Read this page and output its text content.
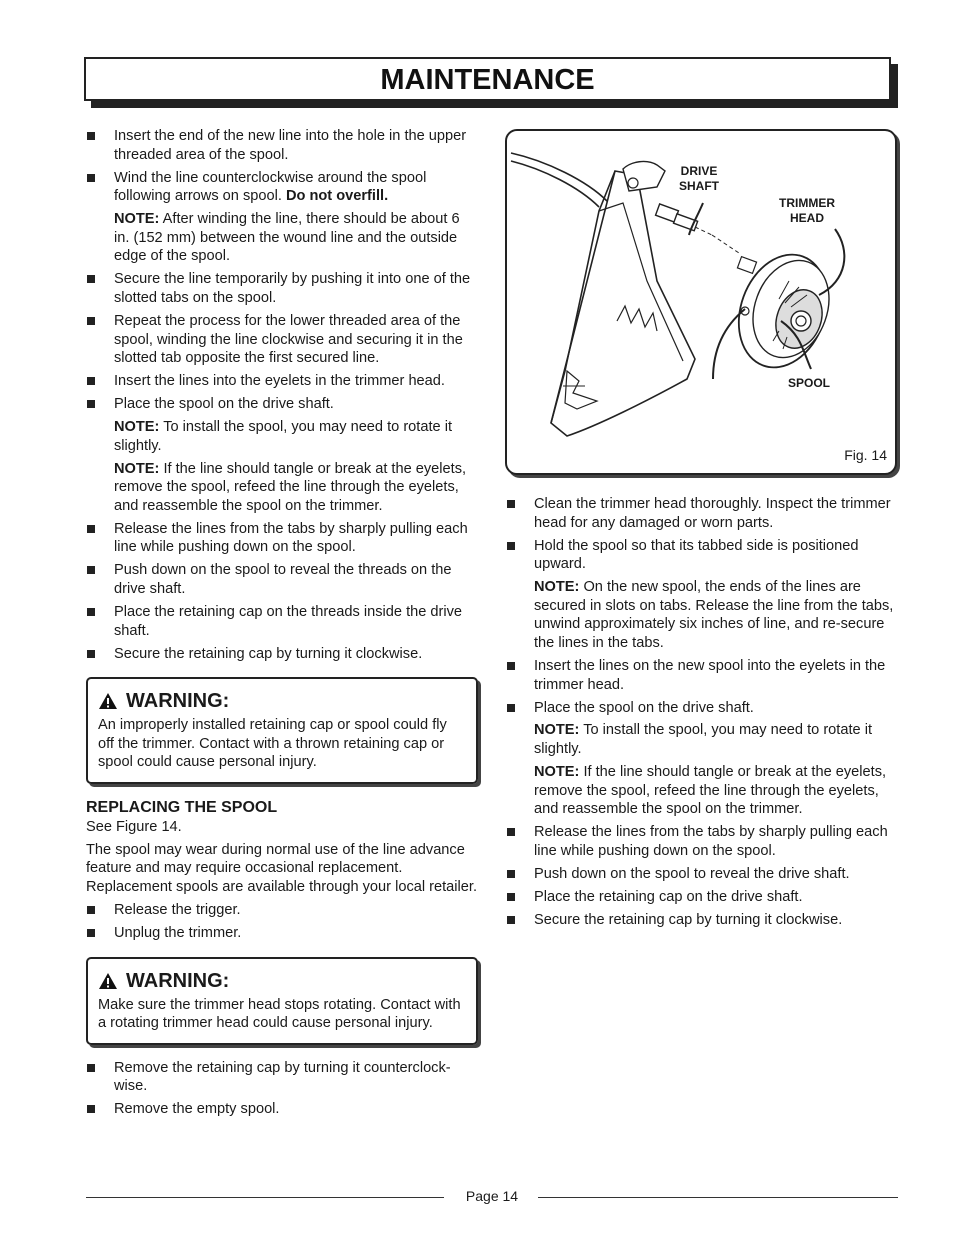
MAINTENANCE
Insert the end of the new line into the hole in the upper threaded area of the spool.
Wind the line counterclockwise around the spool following arrows on spool. Do not overfill.
NOTE: After winding the line, there should be about 6 in. (152 mm) between the wound line and the outside edge of the spool.
Secure the line temporarily by pushing it into one of the slotted tabs on the spool.
Repeat the process for the lower threaded area of the spool, winding the line clockwise and securing it in the slotted tab opposite the first secured line.
Insert the lines into the eyelets in the trimmer head.
Place the spool on the drive shaft.
NOTE: To install the spool, you may need to rotate it slightly.
NOTE: If the line should tangle or break at the eyelets, remove the spool, refeed the line through the eyelets, and reassemble the spool on the trimmer.
Release the lines from the tabs by sharply pulling each line while pushing down on the spool.
Push down on the spool to reveal the threads on the drive shaft.
Place the retaining cap on the threads inside the drive shaft.
Secure the retaining cap by turning it clockwise.
WARNING:
An improperly installed retaining cap or spool could fly off the trimmer. Contact with a thrown retaining cap or spool could cause personal injury.
REPLACING THE SPOOL

See Figure 14.

The spool may wear during normal use of the line advance feature and may require occasional replacement. Replacement spools are available through your local retailer.

Release the trigger.
Unplug the trimmer.
WARNING:
Make sure the trimmer head stops rotating. Contact with a rotating trimmer head could cause personal injury.
Remove the retaining cap by turning it counterclock-wise.
Remove the empty spool.
DRIVE
SHAFT
TRIMMER
HEAD
SPOOL
Fig. 14
Clean the trimmer head thoroughly. Inspect the trimmer head for any damaged or worn parts.
Hold the spool so that its tabbed side is positioned upward.
NOTE: On the new spool, the ends of the lines are secured in slots on tabs. Release the line from the tabs, unwind approximately six inches of line, and re-secure the lines in the tabs.
Insert the lines on the new spool into the eyelets in the trimmer head.
Place the spool on the drive shaft.
NOTE: To install the spool, you may need to rotate it slightly.
NOTE: If the line should tangle or break at the eyelets, remove the spool, refeed the line through the eyelets, and reassemble the spool on the trimmer.
Release the lines from the tabs by sharply pulling each line while pushing down on the spool.
Push down on the spool to reveal the drive shaft.
Place the retaining cap on the drive shaft.
Secure the retaining cap by turning it clockwise.
Page 14
